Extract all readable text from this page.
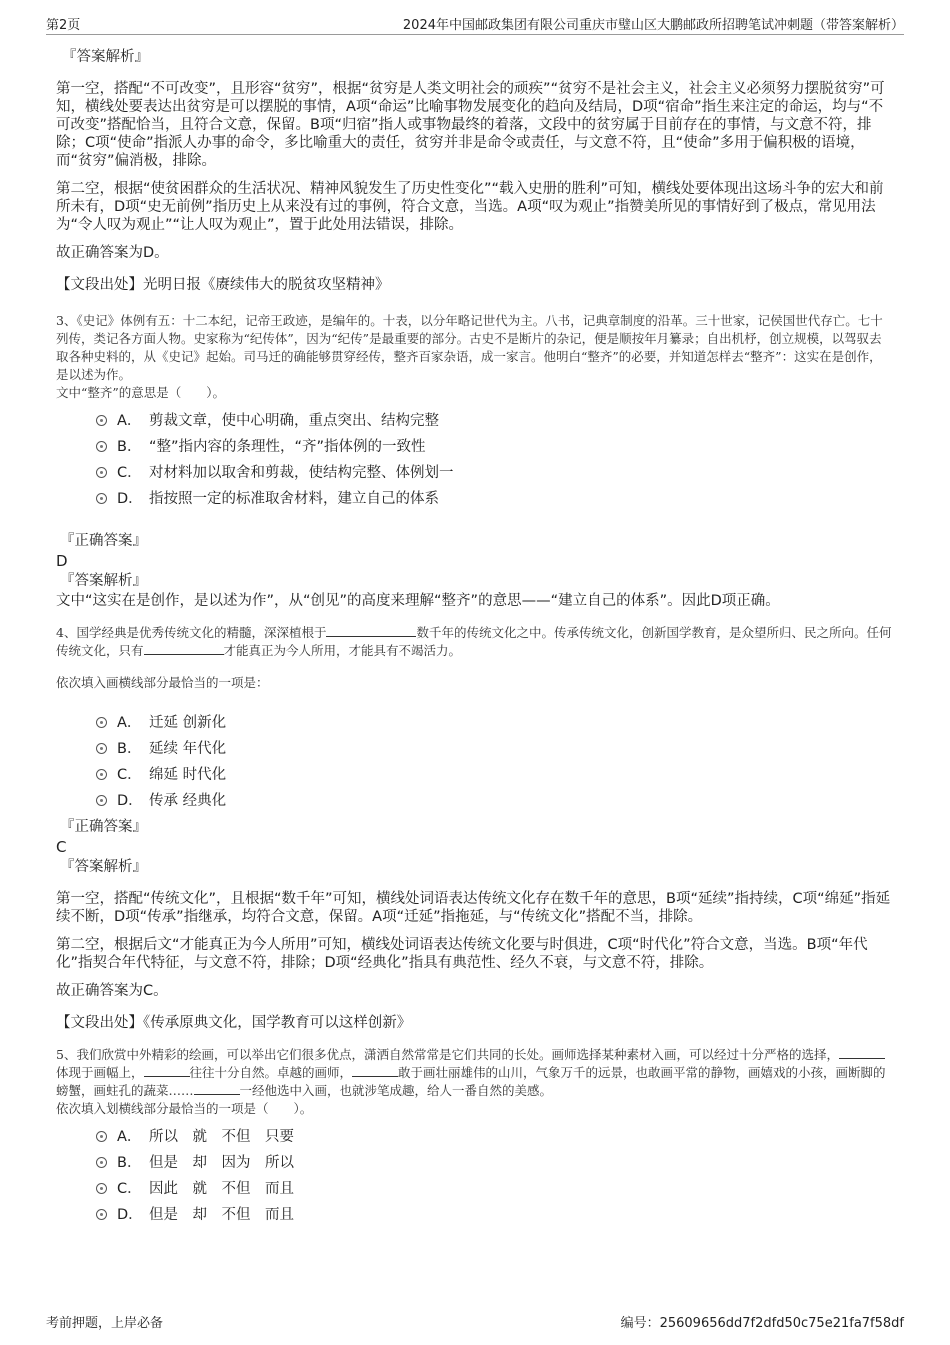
第2页	2024年中国邮政集团有限公司重庆市璧山区大鹏邮政所招聘笔试冲刺题（带答案解析）
『答案解析』

第一空，搭配“不可改变”，且形容“贫穷”，根据“贫穷是人类文明社会的顽疾”“贫穷不是社会主义，社会主义必须努力摆脱贫穷”可知，横线处要表达出贫穷是可以摆脱的事情，A项“命运”比喻事物发展变化的趋向及结局，D项“宿命”指生来注定的命运，均与“不可改变”搭配恰当，且符合文意，保留。B项“归宿”指人或事物最终的着落，文段中的贫穷属于目前存在的事情，与文意不符，排除；C项“使命”指派人办事的命令，多比喻重大的责任，贫穷并非是命令或责任，与文意不符，且“使命”多用于偏积极的语境，而“贫穷”偏消极，排除。

第二空，根据“使贫困群众的生活状况、精神风貌发生了历史性变化”“载入史册的胜利”可知，横线处要体现出这场斗争的宏大和前所未有，D项“史无前例”指历史上从来没有过的事例，符合文意，当选。A项“叹为观止”指赞美所见的事情好到了极点，常见用法为“令人叹为观止”“让人叹为观止”，置于此处用法错误，排除。

故正确答案为D。

【文段出处】光明日报《赓续伟大的脱贫攻坚精神》

3、《史记》体例有五：十二本纪，记帝王政迹，是编年的。十表，以分年略记世代为主。八书，记典章制度的沿革。三十世家，记侯国世代存亡。七十列传，类记各方面人物。史家称为“纪传体”，因为“纪传”是最重要的部分。古史不是断片的杂记，便是顺按年月纂录；自出机杼，创立规模，以驾驭去取各种史料的，从《史记》起始。司马迁的确能够贯穿经传，整齐百家杂语，成一家言。他明白“整齐”的必要，并知道怎样去“整齐”：这实在是创作，是以述为作。

文中“整齐”的意思是（　　）。

A． 剪裁文章，使中心明确，重点突出、结构完整
B． “整”指内容的条理性，“齐”指体例的一致性
C． 对材料加以取舍和剪裁，使结构完整、体例划一
D． 指按照一定的标准取舍材料，建立自己的体系
『正确答案』
D
『答案解析』

文中“这实在是创作，是以述为作”，从“创见”的高度来理解“整齐”的意思——“建立自己的体系”。因此D项正确。

4、国学经典是优秀传统文化的精髓，深深植根于	数千年的传统文化之中。传承传统文化，创新国学教育，是众望所归、民之所向。任何传统文化，只有	才能真正为今人所用，才能具有不竭活力。

依次填入画横线部分最恰当的一项是：

A． 迁延 创新化
B． 延续 年代化
C． 绵延 时代化
D． 传承 经典化
『正确答案』
C
『答案解析』

第一空，搭配“传统文化”，且根据“数千年”可知，横线处词语表达传统文化存在数千年的意思，B项“延续”指持续，C项“绵延”指延续不断，D项“传承”指继承，均符合文意，保留。A项“迁延”指拖延，与“传统文化”搭配不当，排除。

第二空，根据后文“才能真正为今人所用”可知，横线处词语表达传统文化要与时俱进，C项“时代化”符合文意，当选。B项“年代化”指契合年代特征，与文意不符，排除；D项“经典化”指具有典范性、经久不衰，与文意不符，排除。

故正确答案为C。

【文段出处】《传承原典文化，国学教育可以这样创新》

5、我们欣赏中外精彩的绘画，可以举出它们很多优点，潇洒自然常常是它们共同的长处。画师选择某种素材入画，可以经过十分严格的选择，体现于画幅上，	往往十分自然。卓越的画师，	敢于画壮丽雄伟的山川，气象万千的远景，也敢画平常的静物，画嬉戏的小孩，画断脚的螃蟹，画蛀孔的蔬菜……	一经他选中入画，也就涉笔成趣，给人一番自然的美感。

依次填入划横线部分最恰当的一项是（　　）。

A． 所以　就　不但　只要
B． 但是　却　因为　所以
C． 因此　就　不但　而且
D． 但是　却　不但　而且
考前押题，上岸必备	编号：25609656dd7f2dfd50c75e21fa7f58df
